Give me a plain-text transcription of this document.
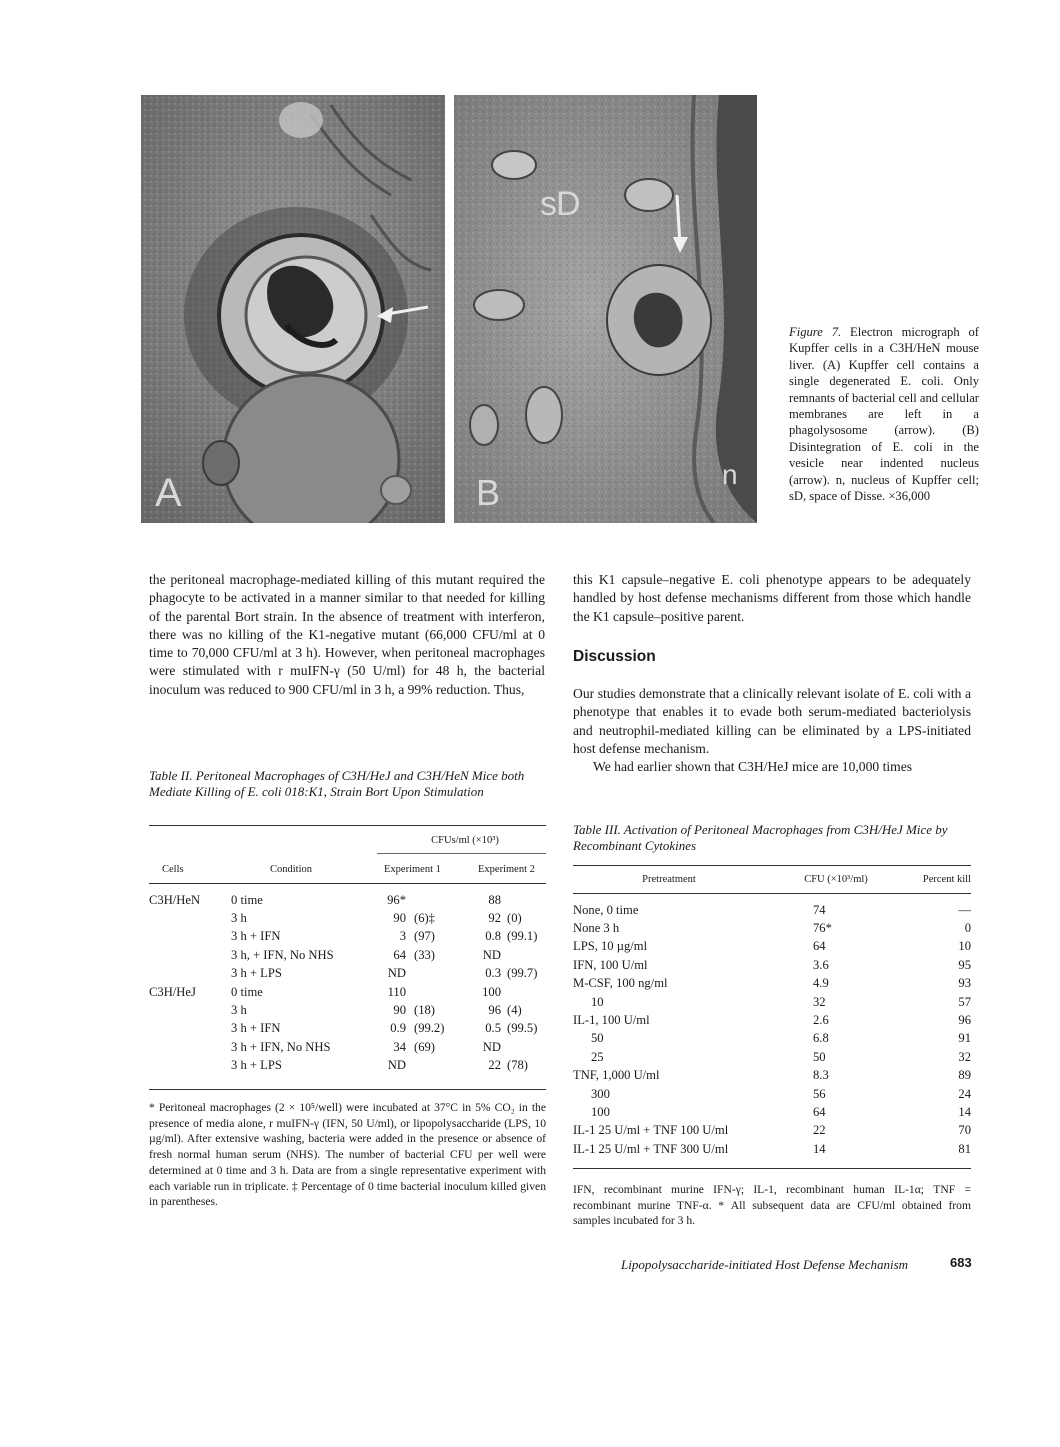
A
sD
B	n
Figure 7. Electron micrograph of Kupffer cells in a C3H/HeN mouse liver. (A) Kupffer cell contains a single degenerated E. coli. Only remnants of bacterial cell and cellular membranes are left in a phagolysosome (arrow). (B) Disintegration of E. coli in the vesicle near indented nucleus (arrow). n, nucleus of Kupffer cell; sD, space of Disse. ×36,000

the peritoneal macrophage-mediated killing of this mutant required the phagocyte to be activated in a manner similar to that needed for killing of the parental Bort strain. In the absence of treatment with interferon, there was no killing of the K1-negative mutant (66,000 CFU/ml at 0 time to 70,000 CFU/ml at 3 h). However, when peritoneal macrophages were stimulated with r muIFN-γ (50 U/ml) for 48 h, the bacterial inoculum was reduced to 900 CFU/ml in 3 h, a 99% reduction. Thus,

this K1 capsule–negative E. coli phenotype appears to be adequately handled by host defense mechanisms different from those which handle the K1 capsule–positive parent.

Discussion

Our studies demonstrate that a clinically relevant isolate of E. coli with a phenotype that enables it to evade both serum-mediated bacteriolysis and neutrophil-mediated killing can be eliminated by a LPS-initiated host defense mechanism.

We had earlier shown that C3H/HeJ mice are 10,000 times

Table II. Peritoneal Macrophages of C3H/HeJ and C3H/HeN Mice both Mediate Killing of E. coli 018:K1, Strain Bort Upon Stimulation
CFUs/ml (×10³)
Cells	Condition	Experiment 1	Experiment 2
C3H/HeN	0 time	96*		88	
	3 h	90	(6)‡	92	(0)
	3 h + IFN	3	(97)	0.8	(99.1)
	3 h, + IFN, No NHS	64	(33)	ND	
	3 h + LPS	ND		0.3	(99.7)
C3H/HeJ	0 time	110		100	
	3 h	90	(18)	96	(4)
	3 h + IFN	0.9	(99.2)	0.5	(99.5)
	3 h + IFN, No NHS	34	(69)	ND	
	3 h + LPS	ND		22	(78)
* Peritoneal macrophages (2 × 10⁵/well) were incubated at 37°C in 5% CO₂ in the presence of media alone, r muIFN-γ (IFN, 50 U/ml), or lipopolysaccharide (LPS, 10 µg/ml). After extensive washing, bacteria were added in the presence or absence of fresh normal human serum (NHS). The number of bacterial CFU per well were determined at 0 time and 3 h. Data are from a single representative experiment with each variable run in triplicate. ‡ Percentage of 0 time bacterial inoculum killed given in parentheses.
Table III. Activation of Peritoneal Macrophages from C3H/HeJ Mice by Recombinant Cytokines
Pretreatment	CFU (×10³/ml)	Percent kill
None, 0 time	74	—
None 3 h	76*	0
LPS, 10 µg/ml	64	10
IFN, 100 U/ml	3.6	95
M-CSF, 100 ng/ml	4.9	93
10	32	57
IL-1, 100 U/ml	2.6	96
50	6.8	91
25	50	32
TNF, 1,000 U/ml	8.3	89
300	56	24
100	64	14
IL-1 25 U/ml + TNF 100 U/ml	22	70
IL-1 25 U/ml + TNF 300 U/ml	14	81
IFN, recombinant murine IFN-γ; IL-1, recombinant human IL-1α; TNF = recombinant murine TNF-α. * All subsequent data are CFU/ml obtained from samples incubated for 3 h.
Lipopolysaccharide-initiated Host Defense Mechanism	683
